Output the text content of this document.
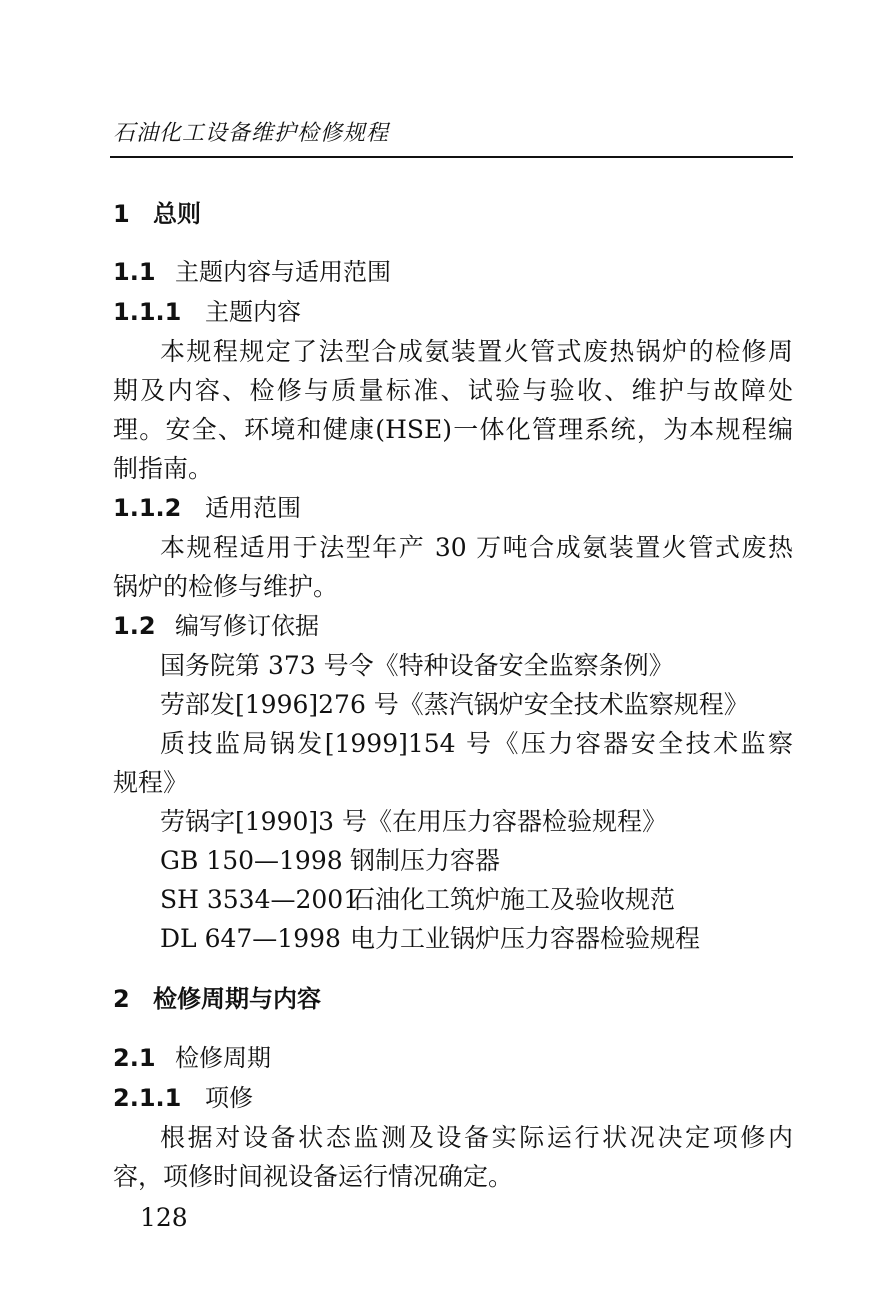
石油化工设备维护检修规程
1 总则
1.1 主题内容与适用范围
1.1.1 主题内容
本规程规定了法型合成氨装置火管式废热锅炉的检修周
期及内容、检修与质量标准、试验与验收、维护与故障处
理。安全、环境和健康(HSE)一体化管理系统，为本规程编
制指南。
1.1.2 适用范围
本规程适用于法型年产 30 万吨合成氨装置火管式废热
锅炉的检修与维护。
1.2 编写修订依据
国务院第 373 号令《特种设备安全监察条例》
劳部发[1996]276 号《蒸汽锅炉安全技术监察规程》
质技监局锅发[1999]154 号《压力容器安全技术监察
规程》
劳锅字[1990]3 号《在用压力容器检验规程》
GB 150—1998 钢制压力容器
SH 3534—2001石油化工筑炉施工及验收规范
DL 647—1998 电力工业锅炉压力容器检验规程
2 检修周期与内容
2.1 检修周期
2.1.1 项修
根据对设备状态监测及设备实际运行状况决定项修内
容，项修时间视设备运行情况确定。
128
